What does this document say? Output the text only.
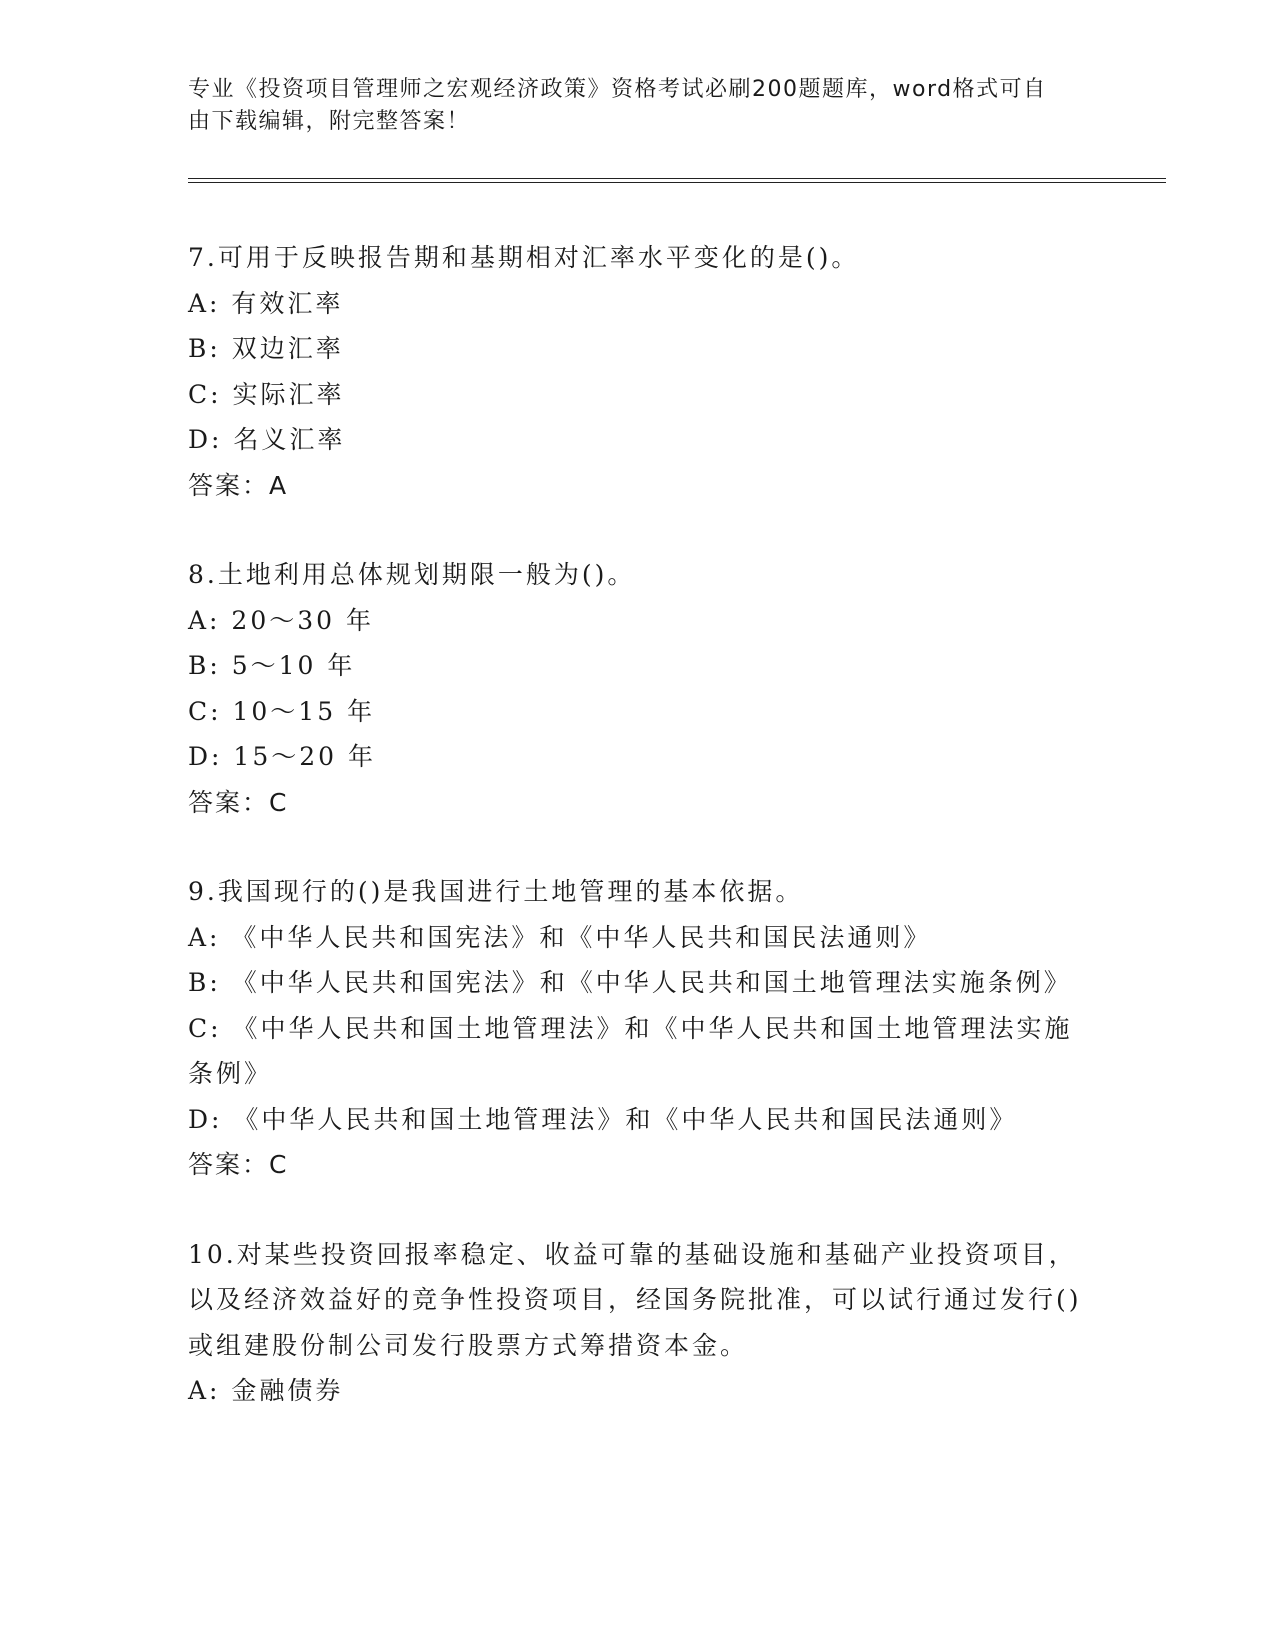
专业《投资项目管理师之宏观经济政策》资格考试必刷200题题库，word格式可自由下载编辑，附完整答案！
7.可用于反映报告期和基期相对汇率水平变化的是()。
A: 有效汇率
B: 双边汇率
C: 实际汇率
D: 名义汇率
答案：A
8.土地利用总体规划期限一般为()。
A: 20～30 年
B: 5～10 年
C: 10～15 年
D: 15～20 年
答案：C
9.我国现行的()是我国进行土地管理的基本依据。
A: 《中华人民共和国宪法》和《中华人民共和国民法通则》
B: 《中华人民共和国宪法》和《中华人民共和国土地管理法实施条例》
C: 《中华人民共和国土地管理法》和《中华人民共和国土地管理法实施条例》
D: 《中华人民共和国土地管理法》和《中华人民共和国民法通则》
答案：C
10.对某些投资回报率稳定、收益可靠的基础设施和基础产业投资项目，以及经济效益好的竞争性投资项目，经国务院批准，可以试行通过发行()或组建股份制公司发行股票方式筹措资本金。
A: 金融债券
